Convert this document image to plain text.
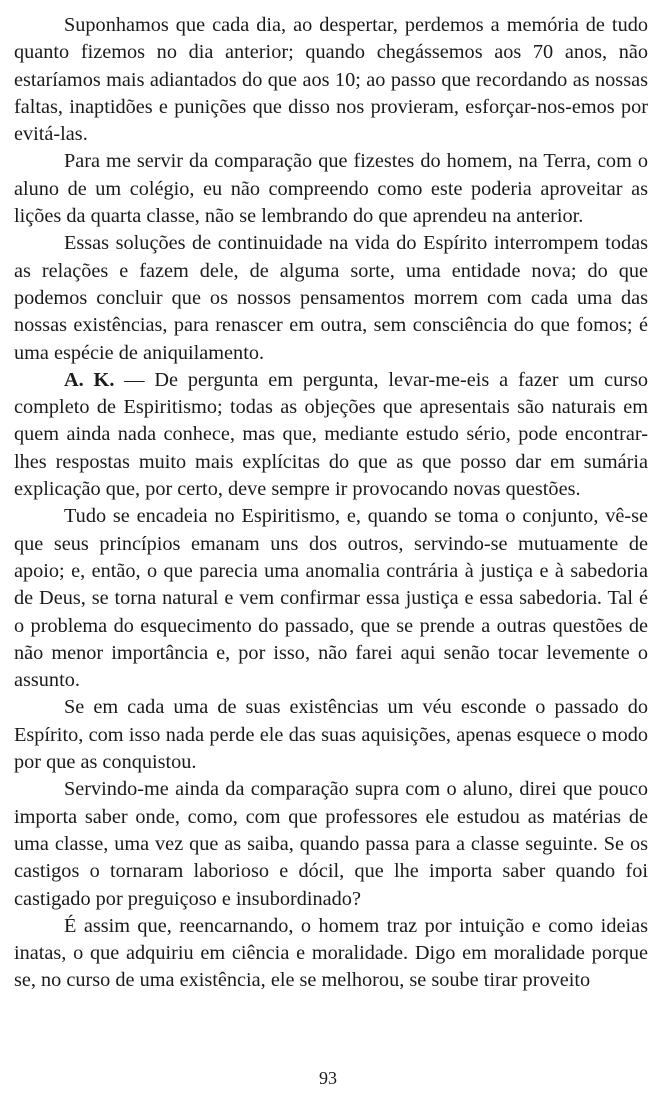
Suponhamos que cada dia, ao despertar, perdemos a memória de tudo quanto fizemos no dia anterior; quando chegássemos aos 70 anos, não estaríamos mais adiantados do que aos 10; ao passo que recordando as nossas faltas, inaptidões e punições que disso nos provieram, esforçar-nos-emos por evitá-las.

Para me servir da comparação que fizestes do homem, na Terra, com o aluno de um colégio, eu não compreendo como este poderia aproveitar as lições da quarta classe, não se lembrando do que aprendeu na anterior.

Essas soluções de continuidade na vida do Espírito interrompem todas as relações e fazem dele, de alguma sorte, uma entidade nova; do que podemos concluir que os nossos pensamentos morrem com cada uma das nossas existências, para renascer em outra, sem consciência do que fomos; é uma espécie de aniquilamento.

A. K. — De pergunta em pergunta, levar-me-eis a fazer um curso completo de Espiritismo; todas as objeções que apresentais são naturais em quem ainda nada conhece, mas que, mediante estudo sério, pode encontrar-lhes respostas muito mais explícitas do que as que posso dar em sumária explicação que, por certo, deve sempre ir provocando novas questões.

Tudo se encadeia no Espiritismo, e, quando se toma o conjunto, vê-se que seus princípios emanam uns dos outros, servindo-se mutuamente de apoio; e, então, o que parecia uma anomalia contrária à justiça e à sabedoria de Deus, se torna natural e vem confirmar essa justiça e essa sabedoria. Tal é o problema do esquecimento do passado, que se prende a outras questões de não menor importância e, por isso, não farei aqui senão tocar levemente o assunto.

Se em cada uma de suas existências um véu esconde o passado do Espírito, com isso nada perde ele das suas aquisições, apenas esquece o modo por que as conquistou.

Servindo-me ainda da comparação supra com o aluno, direi que pouco importa saber onde, como, com que professores ele estudou as matérias de uma classe, uma vez que as saiba, quando passa para a classe seguinte. Se os castigos o tornaram laborioso e dócil, que lhe importa saber quando foi castigado por preguiçoso e insubordinado?

É assim que, reencarnando, o homem traz por intuição e como ideias inatas, o que adquiriu em ciência e moralidade. Digo em moralidade porque se, no curso de uma existência, ele se melhorou, se soube tirar proveito

93
